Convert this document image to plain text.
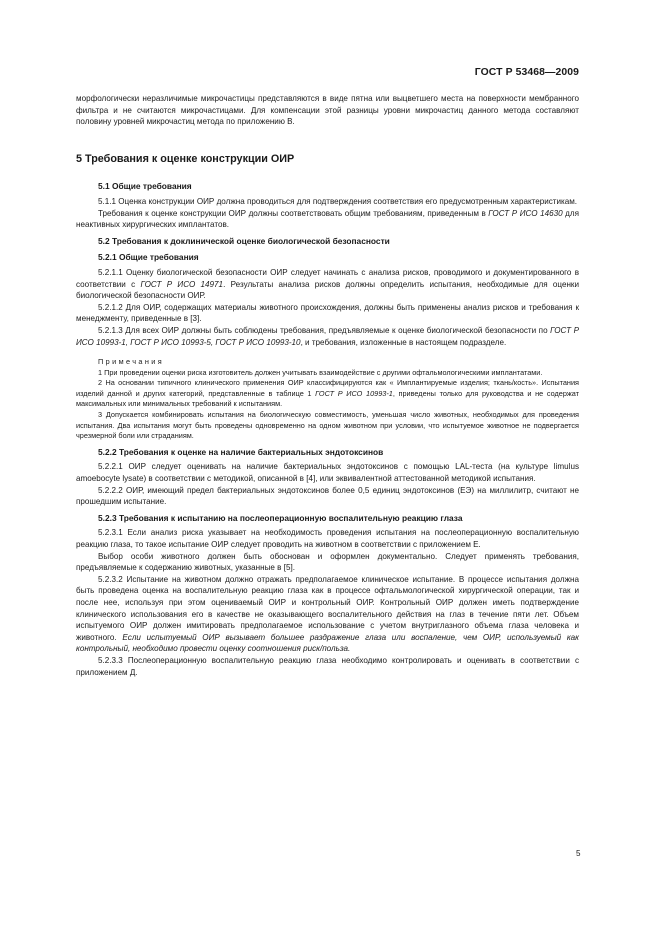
ГОСТ Р 53468—2009

морфологически неразличимые микрочастицы представляются в виде пятна или выцветшего места на поверхности мембранного фильтра и не считаются микрочастицами. Для компенсации этой разницы уровни микрочастиц данного метода составляют половину уровней микрочастиц метода по приложению В.

5 Требования к оценке конструкции ОИР

5.1 Общие требования

5.1.1 Оценка конструкции ОИР должна проводиться для подтверждения соответствия его предусмотренным характеристикам.

Требования к оценке конструкции ОИР должны соответствовать общим требованиям, приведенным в ГОСТ Р ИСО 14630 для неактивных хирургических имплантатов.

5.2 Требования к доклинической оценке биологической безопасности

5.2.1 Общие требования

5.2.1.1 Оценку биологической безопасности ОИР следует начинать с анализа рисков, проводимого и документированного в соответствии с ГОСТ Р ИСО 14971. Результаты анализа рисков должны определить испытания, необходимые для оценки биологической безопасности ОИР.

5.2.1.2 Для ОИР, содержащих материалы животного происхождения, должны быть применены анализ рисков и требования к менеджменту, приведенные в [3].

5.2.1.3 Для всех ОИР должны быть соблюдены требования, предъявляемые к оценке биологической безопасности по ГОСТ Р ИСО 10993-1, ГОСТ Р ИСО 10993-5, ГОСТ Р ИСО 10993-10, и требования, изложенные в настоящем подразделе.

Примечания

1 При проведении оценки риска изготовитель должен учитывать взаимодействие с другими офтальмологическими имплантатами.

2 На основании типичного клинического применения ОИР классифицируются как « Имплантируемые изделия; ткань/кость». Испытания изделий данной и других категорий, представленные в таблице 1 ГОСТ Р ИСО 10993-1, приведены только для руководства и не содержат максимальных или минимальных требований к испытаниям.

3 Допускается комбинировать испытания на биологическую совместимость, уменьшая число животных, необходимых для проведения испытания. Два испытания могут быть проведены одновременно на одном животном при условии, что испытуемое животное не подвергается чрезмерной боли или страданиям.

5.2.2 Требования к оценке на наличие бактериальных эндотоксинов

5.2.2.1 ОИР следует оценивать на наличие бактериальных эндотоксинов с помощью LAL-теста (на культуре limulus amoebocyte lysate) в соответствии с методикой, описанной в [4], или эквивалентной аттестованной методикой испытания.

5.2.2.2 ОИР, имеющий предел бактериальных эндотоксинов более 0,5 единиц эндотоксинов (ЕЭ) на миллилитр, считают не прошедшим испытание.

5.2.3 Требования к испытанию на послеоперационную воспалительную реакцию глаза

5.2.3.1 Если анализ риска указывает на необходимость проведения испытания на послеоперационную воспалительную реакцию глаза, то такое испытание ОИР следует проводить на животном в соответствии с приложением Е.

Выбор особи животного должен быть обоснован и оформлен документально. Следует применять требования, предъявляемые к содержанию животных, указанные в [5].

5.2.3.2 Испытание на животном должно отражать предполагаемое клиническое испытание. В процессе испытания должна быть проведена оценка на воспалительную реакцию глаза как в процессе офтальмологической хирургической операции, так и после нее, используя при этом оцениваемый ОИР и контрольный ОИР. Контрольный ОИР должен иметь подтверждение клинического использования его в качестве не оказывающего воспалительного действия на глаз в течение пяти лет. Объем испытуемого ОИР должен имитировать предполагаемое использование с учетом внутриглазного объема глаза человека и животного. Если испытуемый ОИР вызывает большее раздражение глаза или воспаление, чем ОИР, используемый как контрольный, необходимо провести оценку соотношения риск/польза.

5.2.3.3 Послеоперационную воспалительную реакцию глаза необходимо контролировать и оценивать в соответствии с приложением Д.

5
